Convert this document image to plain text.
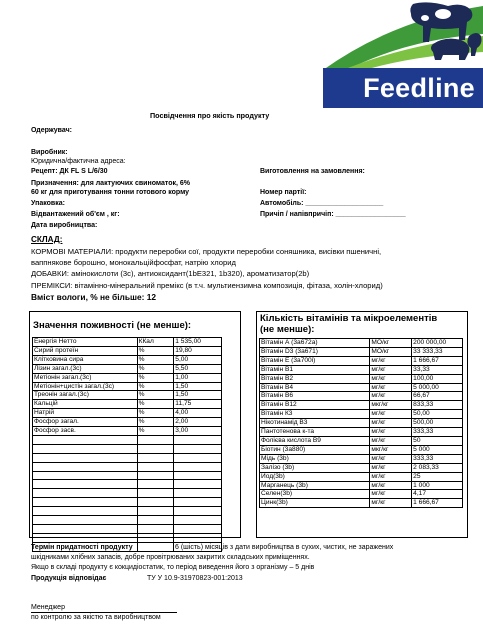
Feedline
Посвідчення про якість продукту
Одержувач:
Виробник:
Юридична/фактична адреса:
Рецепт: ДК FL S L/6/30
Призначення: для лактуючих свиноматок, 6%
60 кг для приготування тонни готового корму
Упаковка:
Відвантажений об'єм , кг:
Дата виробництва:
Виготовлення на замовлення:
Номер партії:
Автомобіль: ____________________
Причіп / напівпричіп: __________________
СКЛАД:
КОРМОВІ МАТЕРІАЛИ: продукти переробки сої, продукти переробки соняшника, висівки пшеничні,
ваппнякове борошно, монокальційфосфат, натрію хлорид
ДОБАВКИ: амінокислоти (3с), антиоксидант(1bE321, 1b320), ароматизатор(2b)
ПРЕМІКСИ: вітамінно-мінеральний премікс (в т.ч. мультиензимна композиція, фітаза, холін-хлорид)
Вміст вологи, % не більше: 12
Значення поживності (не менше):
Енергія Нетто	ККал	1 535,00
Сирий протеїн	%	19,80
Клітковина сира	%	5,00
Лізин загал.(3с)	%	5,50
Метіонін загал.(3с)	%	1,00
Метіонін+цистін загал.(3с)	%	1,50
Треонін загал.(3с)	%	1,50
Кальцій	%	11,75
Натрій	%	4,00
Фосфор загал.	%	2,00
Фосфор засв.	%	3,00

Кількість вітамінів та мікроелементів
(не менше):
Вітамін А (3а672а)	МО/кг	200 000,00
Вітамін D3 (3а671)	МО/кг	33 333,33
Вітамін Е (3а700і)	мг/кг	1 666,67
Вітамін В1	мг/кг	33,33
Вітамін В2	мг/кг	100,00
Вітамін В4	мг/кг	5 000,00
Вітамін В6	мг/кг	66,67
Вітамін В12	мкг/кг	833,33
Вітамін К3	мг/кг	50,00
Нікотинамід В3	мг/кг	500,00
Пантотенова к-та	мг/кг	333,33
Фолієва кислота В9	мг/кг	50
Біотин (3а880)	мкг/кг	5 000
Мідь (3b)	мг/кг	333,33
Залізо (3b)	мг/кг	2 083,33
Йод(3b)	мг/кг	25
Марганець (3b)	мг/кг	1 000
Селен(3b)	мг/кг	4,17
Цинк(3b)	мг/кг	1 666,67
Термін придатності продукту	6 (шість) місяців з дати виробництва в сухих, чистих, не заражених
шкідниками хлібних запасів, добре провітрюваних закритих складських приміщеннях.
Якщо в складі продукту є кокцидіостатик, то період виведення його з організму – 5 днів
Продукція відповідає	ТУ У 10.9-31970823-001:2013
Менеджер
по контролю за якістю та виробництвом
